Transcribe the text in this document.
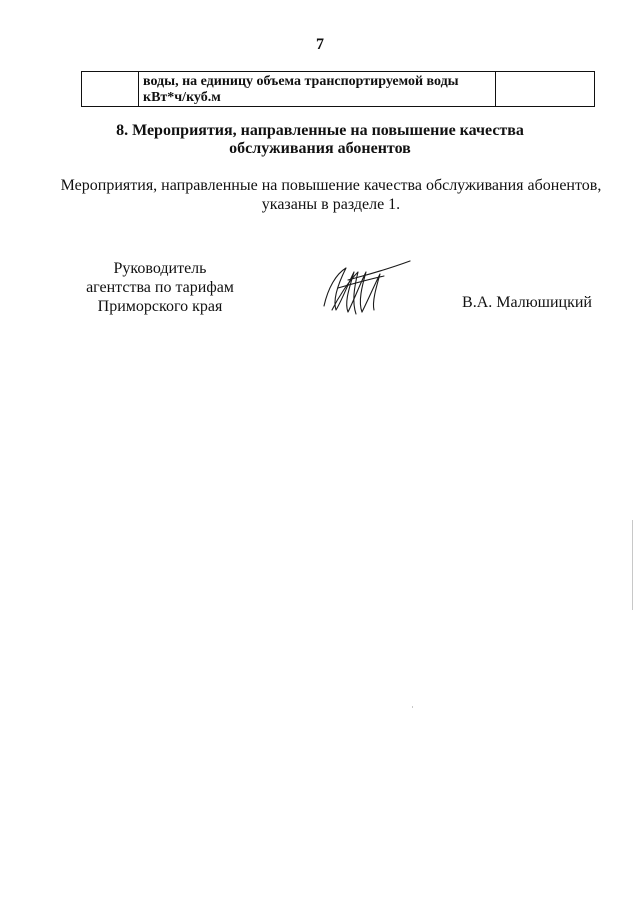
7

воды, на единицу объема транспортируемой воды
кВт*ч/куб.м

8. Мероприятия, направленные на повышение качества
обслуживания абонентов
Мероприятия, направленные на повышение качества обслуживания абонентов,
указаны в разделе 1.
Руководитель
агентства по тарифам
Приморского края	В.А. Малюшицкий
